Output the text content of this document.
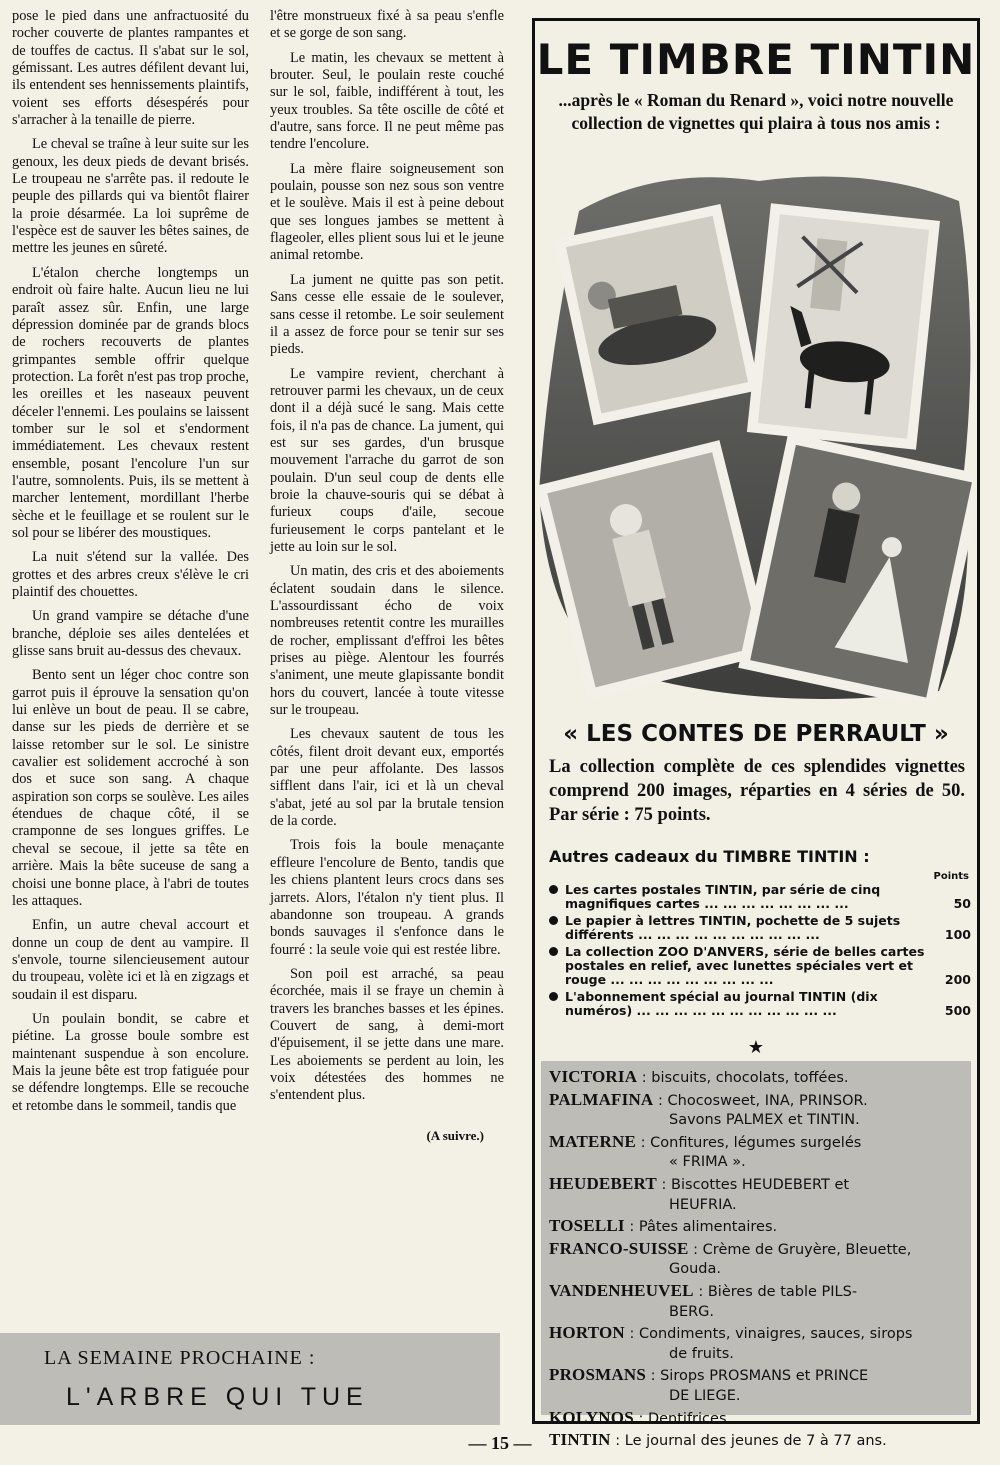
pose le pied dans une anfractuosité du rocher couverte de plantes rampantes et de touffes de cactus. Il s'abat sur le sol, gémissant. Les autres défilent devant lui, ils entendent ses hennissements plaintifs, voient ses efforts désespérés pour s'arracher à la tenaille de pierre.

Le cheval se traîne à leur suite sur les genoux, les deux pieds de devant brisés. Le troupeau ne s'arrête pas. il redoute le peuple des pillards qui va bientôt flairer la proie désarmée. La loi suprême de l'espèce est de sauver les bêtes saines, de mettre les jeunes en sûreté.

L'étalon cherche longtemps un endroit où faire halte. Aucun lieu ne lui paraît assez sûr. Enfin, une large dépression dominée par de grands blocs de rochers recouverts de plantes grimpantes semble offrir quelque protection. La forêt n'est pas trop proche, les oreilles et les naseaux peuvent déceler l'ennemi. Les poulains se laissent tomber sur le sol et s'endorment immédiatement. Les chevaux restent ensemble, posant l'encolure l'un sur l'autre, somnolents. Puis, ils se mettent à marcher lentement, mordillant l'herbe sèche et le feuillage et se roulent sur le sol pour se libérer des moustiques.

La nuit s'étend sur la vallée. Des grottes et des arbres creux s'élève le cri plaintif des chouettes.

Un grand vampire se détache d'une branche, déploie ses ailes dentelées et glisse sans bruit au-dessus des chevaux.

Bento sent un léger choc contre son garrot puis il éprouve la sensation qu'on lui enlève un bout de peau. Il se cabre, danse sur les pieds de derrière et se laisse retomber sur le sol. Le sinistre cavalier est solidement accroché à son dos et suce son sang. A chaque aspiration son corps se soulève. Les ailes étendues de chaque côté, il se cramponne de ses longues griffes. Le cheval se secoue, il jette sa tête en arrière. Mais la bête suceuse de sang a choisi une bonne place, à l'abri de toutes les attaques.

Enfin, un autre cheval accourt et donne un coup de dent au vampire. Il s'envole, tourne silencieusement autour du troupeau, volète ici et là en zigzags et soudain il est disparu.

Un poulain bondit, se cabre et piétine. La grosse boule sombre est maintenant suspendue à son encolure. Mais la jeune bête est trop fatiguée pour se défendre longtemps. Elle se recouche et retombe dans le sommeil, tandis que

l'être monstrueux fixé à sa peau s'enfle et se gorge de son sang.

Le matin, les chevaux se mettent à brouter. Seul, le poulain reste couché sur le sol, faible, indifférent à tout, les yeux troubles. Sa tête oscille de côté et d'autre, sans force. Il ne peut même pas tendre l'encolure.

La mère flaire soigneusement son poulain, pousse son nez sous son ventre et le soulève. Mais il est à peine debout que ses longues jambes se mettent à flageoler, elles plient sous lui et le jeune animal retombe.

La jument ne quitte pas son petit. Sans cesse elle essaie de le soulever, sans cesse il retombe. Le soir seulement il a assez de force pour se tenir sur ses pieds.

Le vampire revient, cherchant à retrouver parmi les chevaux, un de ceux dont il a déjà sucé le sang. Mais cette fois, il n'a pas de chance. La jument, qui est sur ses gardes, d'un brusque mouvement l'arrache du garrot de son poulain. D'un seul coup de dents elle broie la chauve-souris qui se débat à furieux coups d'aile, secoue furieusement le corps pantelant et le jette au loin sur le sol.

Un matin, des cris et des aboiements éclatent soudain dans le silence. L'assourdissant écho de voix nombreuses retentit contre les murailles de rocher, emplissant d'effroi les bêtes prises au piège. Alentour les fourrés s'animent, une meute glapissante bondit hors du couvert, lancée à toute vitesse sur le troupeau.

Les chevaux sautent de tous les côtés, filent droit devant eux, emportés par une peur affolante. Des lassos sifflent dans l'air, ici et là un cheval s'abat, jeté au sol par la brutale tension de la corde.

Trois fois la boule menaçante effleure l'encolure de Bento, tandis que les chiens plantent leurs crocs dans ses jarrets. Alors, l'étalon n'y tient plus. Il abandonne son troupeau. A grands bonds sauvages il s'enfonce dans le fourré : la seule voie qui est restée libre.

Son poil est arraché, sa peau écorchée, mais il se fraye un chemin à travers les branches basses et les épines. Couvert de sang, à demi-mort d'épuisement, il se jette dans une mare. Les aboiements se perdent au loin, les voix détestées des hommes ne s'entendent plus.

(A suivre.)
LA SEMAINE PROCHAINE :
L'ARBRE QUI TUE
— 15 —
LE TIMBRE TINTIN
...après le « Roman du Renard », voici notre nouvelle collection de vignettes qui plaira à tous nos amis :
« LES CONTES DE PERRAULT »
La collection complète de ces splendides vignettes comprend 200 images, réparties en 4 séries de 50. Par série : 75 points.
Autres cadeaux du TIMBRE TINTIN :
Points
Les cartes postales TINTIN, par série de cinq magnifiques cartes ... ... ... ... ... ... ... ...	50
Le papier à lettres TINTIN, pochette de 5 sujets différents ... ... ... ... ... ... ... ... ... ...	100
La collection ZOO D'ANVERS, série de belles cartes postales en relief, avec lunettes spéciales vert et rouge ... ... ... ... ... ... ... ... ...	200
L'abonnement spécial au journal TINTIN (dix numéros) ... ... ... ... ... ... ... ... ... ... ...	500
★
VICTORIA : biscuits, chocolats, toffées.
PALMAFINA : Chocosweet, INA, PRINSOR.
Savons PALMEX et TINTIN.
MATERNE : Confitures, légumes surgelés
« FRIMA ».
HEUDEBERT : Biscottes HEUDEBERT et
HEUFRIA.
TOSELLI : Pâtes alimentaires.
FRANCO-SUISSE : Crème de Gruyère, Bleuette,
Gouda.
VANDENHEUVEL : Bières de table PILS-
BERG.
HORTON : Condiments, vinaigres, sauces, sirops
de fruits.
PROSMANS : Sirops PROSMANS et PRINCE
DE LIEGE.
KOLYNOS : Dentifrices.
TINTIN : Le journal des jeunes de 7 à 77 ans.
